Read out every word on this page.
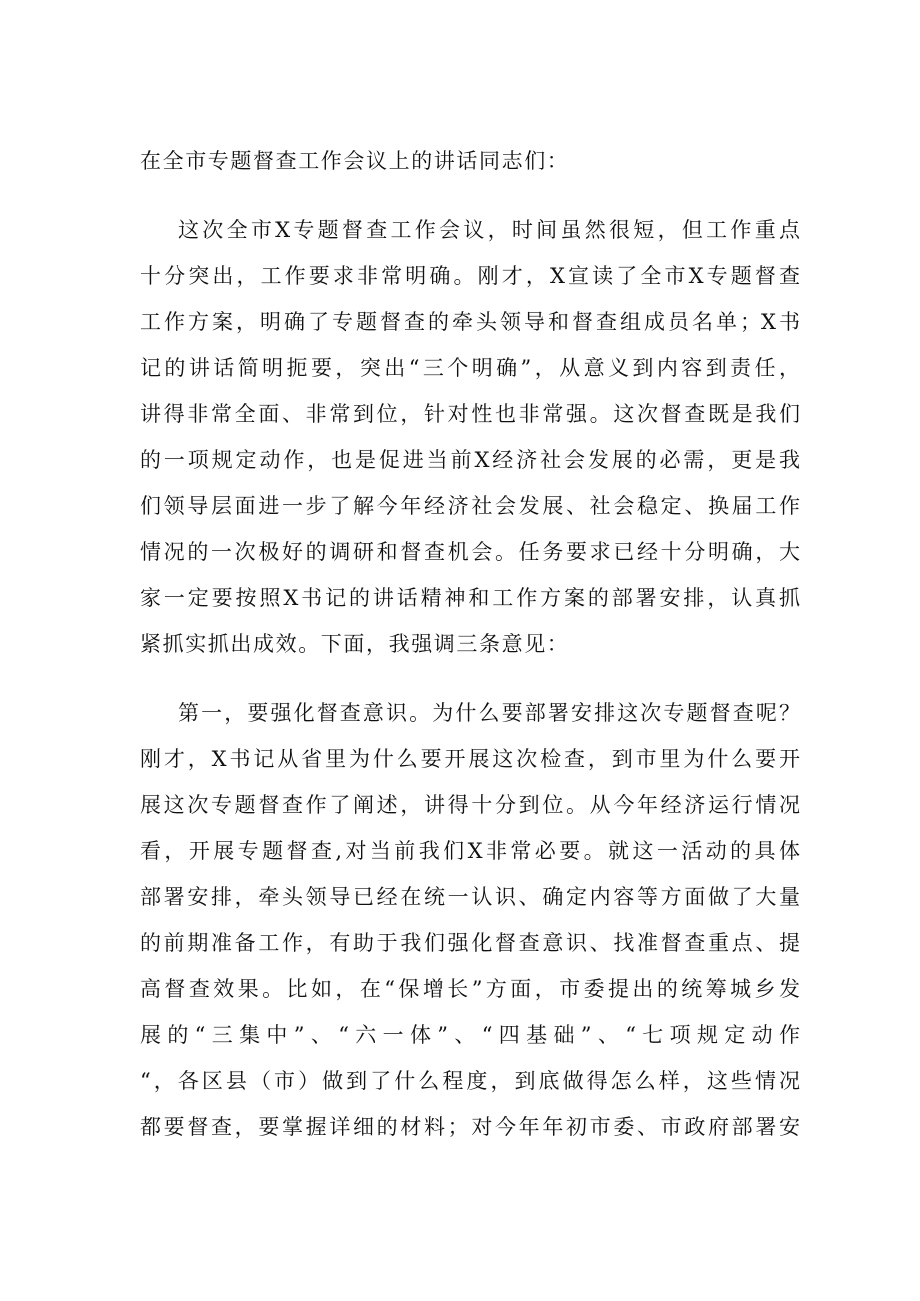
在全市专题督查工作会议上的讲话同志们：
这次全市X专题督查工作会议，时间虽然很短，但工作重点
十分突出，工作要求非常明确。刚才，X宣读了全市X专题督查
工作方案，明确了专题督查的牵头领导和督查组成员名单；X书
记的讲话简明扼要，突出“三个明确”，从意义到内容到责任，
讲得非常全面、非常到位，针对性也非常强。这次督查既是我们
的一项规定动作，也是促进当前X经济社会发展的必需，更是我
们领导层面进一步了解今年经济社会发展、社会稳定、换届工作
情况的一次极好的调研和督查机会。任务要求已经十分明确，大
家一定要按照X书记的讲话精神和工作方案的部署安排，认真抓
紧抓实抓出成效。下面，我强调三条意见：
第一，要强化督查意识。为什么要部署安排这次专题督查呢？
刚才，X书记从省里为什么要开展这次检查，到市里为什么要开
展这次专题督查作了阐述，讲得十分到位。从今年经济运行情况
看，开展专题督查,对当前我们X非常必要。就这一活动的具体
部署安排，牵头领导已经在统一认识、确定内容等方面做了大量
的前期准备工作，有助于我们强化督查意识、找准督查重点、提
高督查效果。比如，在“保增长”方面，市委提出的统筹城乡发
展的“三集中”、“六一体”、“四基础”、“七项规定动作
“，各区县（市）做到了什么程度，到底做得怎么样，这些情况
都要督查，要掌握详细的材料；对今年年初市委、市政府部署安
